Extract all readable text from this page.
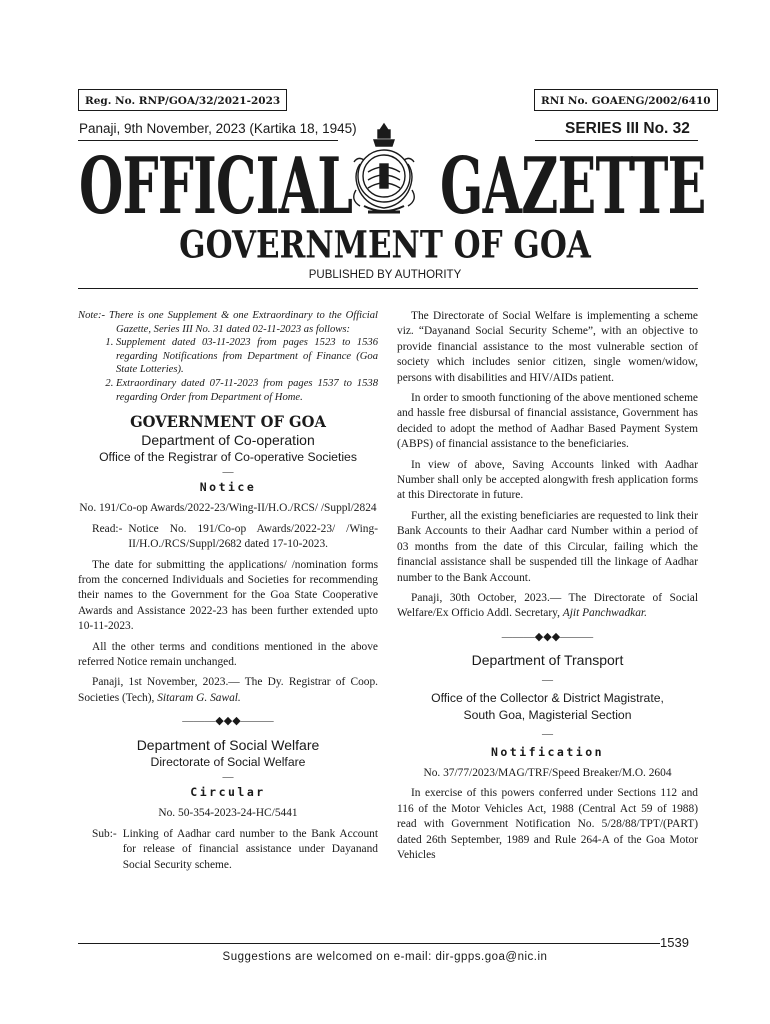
Reg. No. RNP/GOA/32/2021-2023	RNI No. GOAENG/2002/6410
Panaji, 9th November, 2023 (Kartika 18, 1945)	SERIES III No. 32
OFFICIAL GAZETTE
GOVERNMENT OF GOA
PUBLISHED BY AUTHORITY

Note:- There is one Supplement & one Extraordinary to the Official Gazette, Series III No. 31 dated 02-11-2023 as follows:

1. Supplement dated 03-11-2023 from pages 1523 to 1536 regarding Notifications from Department of Finance (Goa State Lotteries).
2. Extraordinary dated 07-11-2023 from pages 1537 to 1538 regarding Order from Department of Home.
GOVERNMENT OF GOA
Department of Co-operation
Office of the Registrar of Co-operative Societies
—
Notice

No. 191/Co-op Awards/2022-23/Wing-II/H.O./RCS/ /Suppl/2824

Read:- Notice No. 191/Co-op Awards/2022-23/ /Wing-II/H.O./RCS/Suppl/2682 dated 17-10-2023.

The date for submitting the applications/ /nomination forms from the concerned Individuals and Societies for recommending their names to the Government for the Goa State Cooperative Awards and Assistance 2022-23 has been further extended upto 10-11-2023.

All the other terms and conditions mentioned in the above referred Notice remain unchanged.

Panaji, 1st November, 2023.— The Dy. Registrar of Coop. Societies (Tech), Sitaram G. Sawal.

———◆◆◆———
Department of Social Welfare
Directorate of Social Welfare
—
Circular

No. 50-354-2023-24-HC/5441

Sub:- Linking of Aadhar card number to the Bank Account for release of financial assistance under Dayanand Social Security scheme.

The Directorate of Social Welfare is implementing a scheme viz. “Dayanand Social Security Scheme”, with an objective to provide financial assistance to the most vulnerable section of society which includes senior citizen, single women/widow, persons with disabilities and HIV/AIDs patient.

In order to smooth functioning of the above mentioned scheme and hassle free disbursal of financial assistance, Government has decided to adopt the method of Aadhar Based Payment System (ABPS) of financial assistance to the beneficiaries.

In view of above, Saving Accounts linked with Aadhar Number shall only be accepted alongwith fresh application forms at this Directorate in future.

Further, all the existing beneficiaries are requested to link their Bank Accounts to their Aadhar card Number within a period of 03 months from the date of this Circular, failing which the financial assistance shall be suspended till the linkage of Aadhar number to the Bank Account.

Panaji, 30th October, 2023.— The Directorate of Social Welfare/Ex Officio Addl. Secretary, Ajit Panchwadkar.

———◆◆◆———
Department of Transport
—
Office of the Collector & District Magistrate,
South Goa, Magisterial Section
—
Notification

No. 37/77/2023/MAG/TRF/Speed Breaker/M.O. 2604

In exercise of this powers conferred under Sections 112 and 116 of the Motor Vehicles Act, 1988 (Central Act 59 of 1988) read with Government Notification No. 5/28/88/TPT/(PART) dated 26th September, 1989 and Rule 264-A of the Goa Motor Vehicles

1539
Suggestions are welcomed on e-mail: dir-gpps.goa@nic.in
